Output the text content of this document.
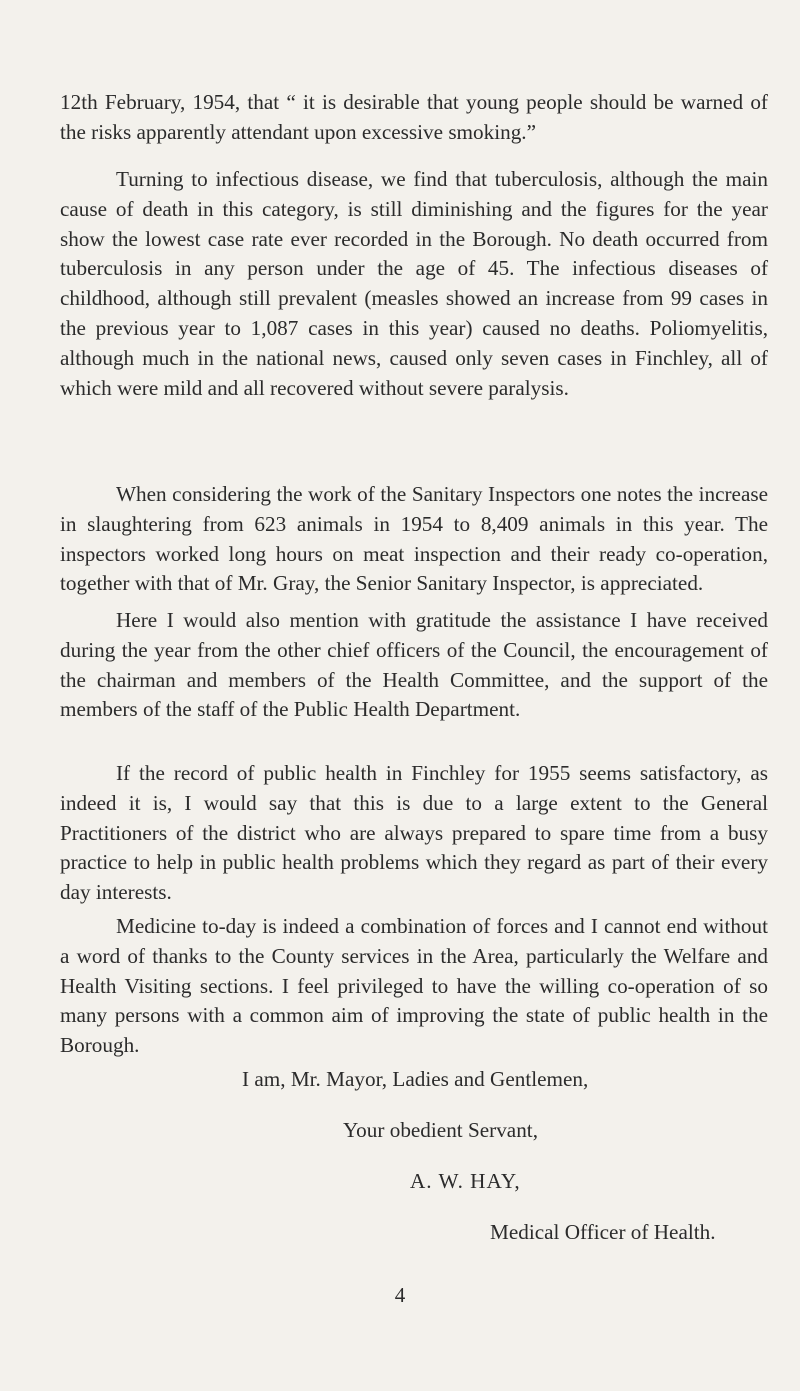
12th February, 1954, that “ it is desirable that young people should be warned of the risks apparently attendant upon excessive smoking.”

Turning to infectious disease, we find that tuberculosis, although the main cause of death in this category, is still diminishing and the figures for the year show the lowest case rate ever recorded in the Borough. No death occurred from tuberculosis in any person under the age of 45. The infectious diseases of childhood, although still prevalent (measles showed an increase from 99 cases in the previous year to 1,087 cases in this year) caused no deaths. Poliomyelitis, although much in the national news, caused only seven cases in Finchley, all of which were mild and all recovered without severe paralysis.

When considering the work of the Sanitary Inspectors one notes the increase in slaughtering from 623 animals in 1954 to 8,409 animals in this year. The inspectors worked long hours on meat inspection and their ready co-operation, together with that of Mr. Gray, the Senior Sanitary Inspector, is appreciated.

Here I would also mention with gratitude the assistance I have received during the year from the other chief officers of the Council, the encouragement of the chairman and members of the Health Committee, and the support of the members of the staff of the Public Health Department.

If the record of public health in Finchley for 1955 seems satisfactory, as indeed it is, I would say that this is due to a large extent to the General Practitioners of the district who are always prepared to spare time from a busy practice to help in public health problems which they regard as part of their every day interests.

Medicine to-day is indeed a combination of forces and I cannot end without a word of thanks to the County services in the Area, particularly the Welfare and Health Visiting sections. I feel privileged to have the willing co-operation of so many persons with a common aim of improving the state of public health in the Borough.

I am, Mr. Mayor, Ladies and Gentlemen,

Your obedient Servant,

A. W. HAY,

Medical Officer of Health.

4
